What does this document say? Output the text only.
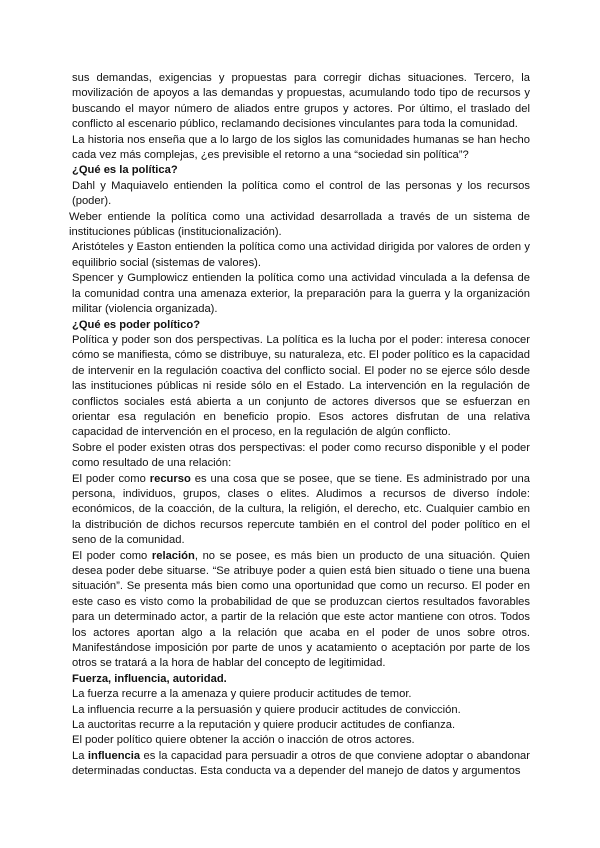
sus demandas, exigencias y propuestas para corregir dichas situaciones. Tercero, la movilización de apoyos a las demandas y propuestas, acumulando todo tipo de recursos y buscando el mayor número de aliados entre grupos y actores. Por último, el traslado del conflicto al escenario público, reclamando decisiones vinculantes para toda la comunidad.

La historia nos enseña que a lo largo de los siglos las comunidades humanas se han hecho cada vez más complejas, ¿es previsible el retorno a una “sociedad sin política”?

¿Qué es la política?

Dahl y Maquiavelo entienden la política como el control de las personas y los recursos (poder).

Weber entiende la política como una actividad desarrollada a través de un sistema de instituciones públicas (institucionalización).

Aristóteles y Easton entienden la política como una actividad dirigida por valores de orden y equilibrio social (sistemas de valores).

Spencer y Gumplowicz entienden la política como una actividad vinculada a la defensa de la comunidad contra una amenaza exterior, la preparación para la guerra y la organización militar (violencia organizada).

¿Qué es poder político?

Política y poder son dos perspectivas. La política es la lucha por el poder: interesa conocer cómo se manifiesta, cómo se distribuye, su naturaleza, etc. El poder político es la capacidad de intervenir en la regulación coactiva del conflicto social. El poder no se ejerce sólo desde las instituciones públicas ni reside sólo en el Estado. La intervención en la regulación de conflictos sociales está abierta a un conjunto de actores diversos que se esfuerzan en orientar esa regulación en beneficio propio. Esos actores disfrutan de una relativa capacidad de intervención en el proceso, en la regulación de algún conflicto.

Sobre el poder existen otras dos perspectivas: el poder como recurso disponible y el poder como resultado de una relación:

El poder como recurso es una cosa que se posee, que se tiene. Es administrado por una persona, individuos, grupos, clases o elites. Aludimos a recursos de diverso índole: económicos, de la coacción, de la cultura, la religión, el derecho, etc. Cualquier cambio en la distribución de dichos recursos repercute también en el control del poder político en el seno de la comunidad.

El poder como relación, no se posee, es más bien un producto de una situación. Quien desea poder debe situarse. “Se atribuye poder a quien está bien situado o tiene una buena situación”. Se presenta más bien como una oportunidad que como un recurso. El poder en este caso es visto como la probabilidad de que se produzcan ciertos resultados favorables para un determinado actor, a partir de la relación que este actor mantiene con otros. Todos los actores aportan algo a la relación que acaba en el poder de unos sobre otros. Manifestándose imposición por parte de unos y acatamiento o aceptación por parte de los otros se tratará a la hora de hablar del concepto de legitimidad.

Fuerza, influencia, autoridad.

La fuerza recurre a la amenaza y quiere producir actitudes de temor.

La influencia recurre a la persuasión y quiere producir actitudes de convicción.

La auctoritas recurre a la reputación y quiere producir actitudes de confianza.

El poder político quiere obtener la acción o inacción de otros actores.

La influencia es la capacidad para persuadir a otros de que conviene adoptar o abandonar determinadas conductas. Esta conducta va a depender del manejo de datos y argumentos
